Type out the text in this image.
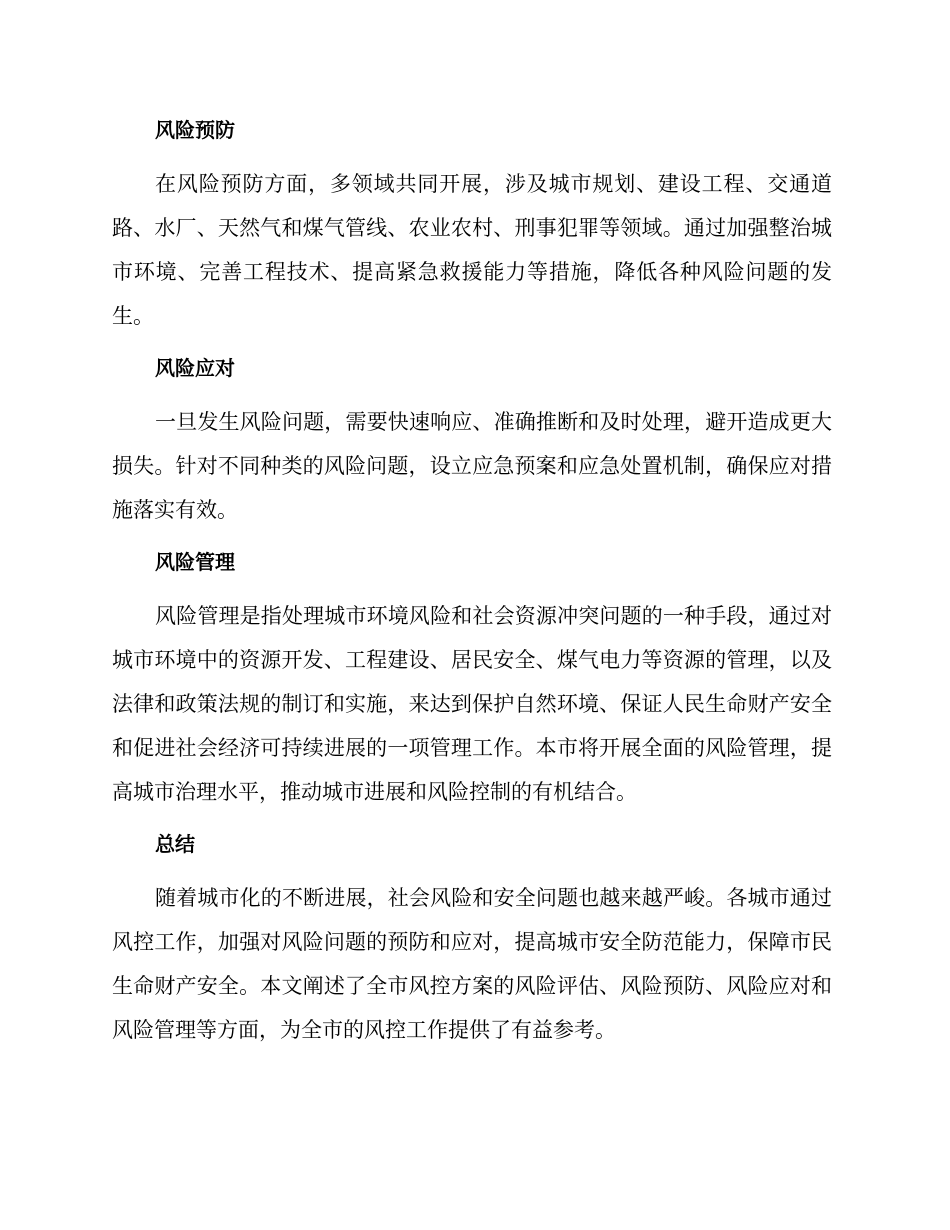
风险预防

在风险预防方面，多领域共同开展，涉及城市规划、建设工程、交通道路、水厂、天然气和煤气管线、农业农村、刑事犯罪等领域。通过加强整治城市环境、完善工程技术、提高紧急救援能力等措施，降低各种风险问题的发生。

风险应对

一旦发生风险问题，需要快速响应、准确推断和及时处理，避开造成更大损失。针对不同种类的风险问题，设立应急预案和应急处置机制，确保应对措施落实有效。

风险管理

风险管理是指处理城市环境风险和社会资源冲突问题的一种手段，通过对城市环境中的资源开发、工程建设、居民安全、煤气电力等资源的管理，以及法律和政策法规的制订和实施，来达到保护自然环境、保证人民生命财产安全和促进社会经济可持续进展的一项管理工作。本市将开展全面的风险管理，提高城市治理水平，推动城市进展和风险控制的有机结合。

总结

随着城市化的不断进展，社会风险和安全问题也越来越严峻。各城市通过风控工作，加强对风险问题的预防和应对，提高城市安全防范能力，保障市民生命财产安全。本文阐述了全市风控方案的风险评估、风险预防、风险应对和风险管理等方面，为全市的风控工作提供了有益参考。
